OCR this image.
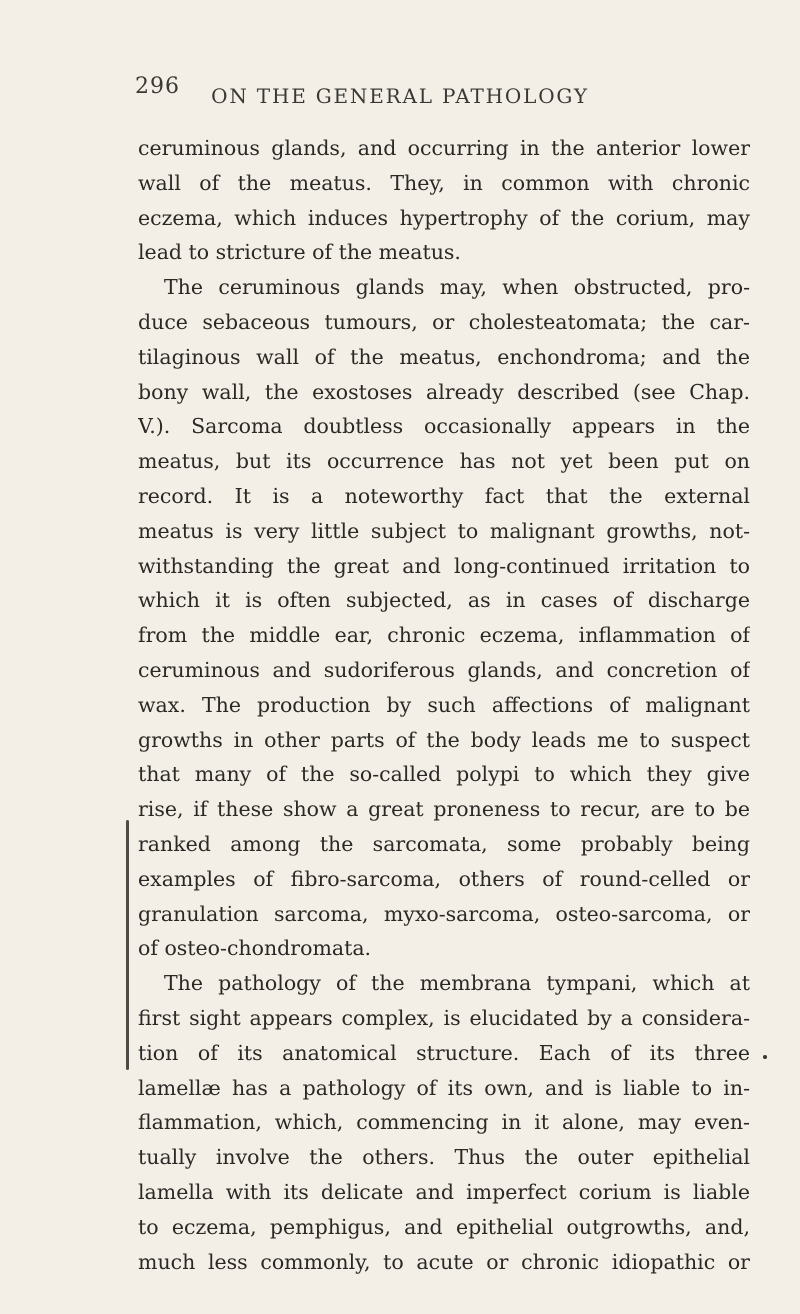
296	ON THE GENERAL PATHOLOGY
ceruminous glands, and occurring in the anterior lower
wall of the meatus. They, in common with chronic
eczema, which induces hypertrophy of the corium, may
lead to stricture of the meatus.
The ceruminous glands may, when obstructed, pro-
duce sebaceous tumours, or cholesteatomata; the car-
tilaginous wall of the meatus, enchondroma; and the
bony wall, the exostoses already described (see Chap.
V.). Sarcoma doubtless occasionally appears in the
meatus, but its occurrence has not yet been put on
record. It is a noteworthy fact that the external
meatus is very little subject to malignant growths, not-
withstanding the great and long-continued irritation to
which it is often subjected, as in cases of discharge
from the middle ear, chronic eczema, inflammation of
ceruminous and sudoriferous glands, and concretion of
wax. The production by such affections of malignant
growths in other parts of the body leads me to suspect
that many of the so-called polypi to which they give
rise, if these show a great proneness to recur, are to be
ranked among the sarcomata, some probably being
examples of fibro-sarcoma, others of round-celled or
granulation sarcoma, myxo-sarcoma, osteo-sarcoma, or
of osteo-chondromata.
The pathology of the membrana tympani, which at
first sight appears complex, is elucidated by a considera-
tion of its anatomical structure. Each of its three
lamellæ has a pathology of its own, and is liable to in-
flammation, which, commencing in it alone, may even-
tually involve the others. Thus the outer epithelial
lamella with its delicate and imperfect corium is liable
to eczema, pemphigus, and epithelial outgrowths, and,
much less commonly, to acute or chronic idiopathic or
